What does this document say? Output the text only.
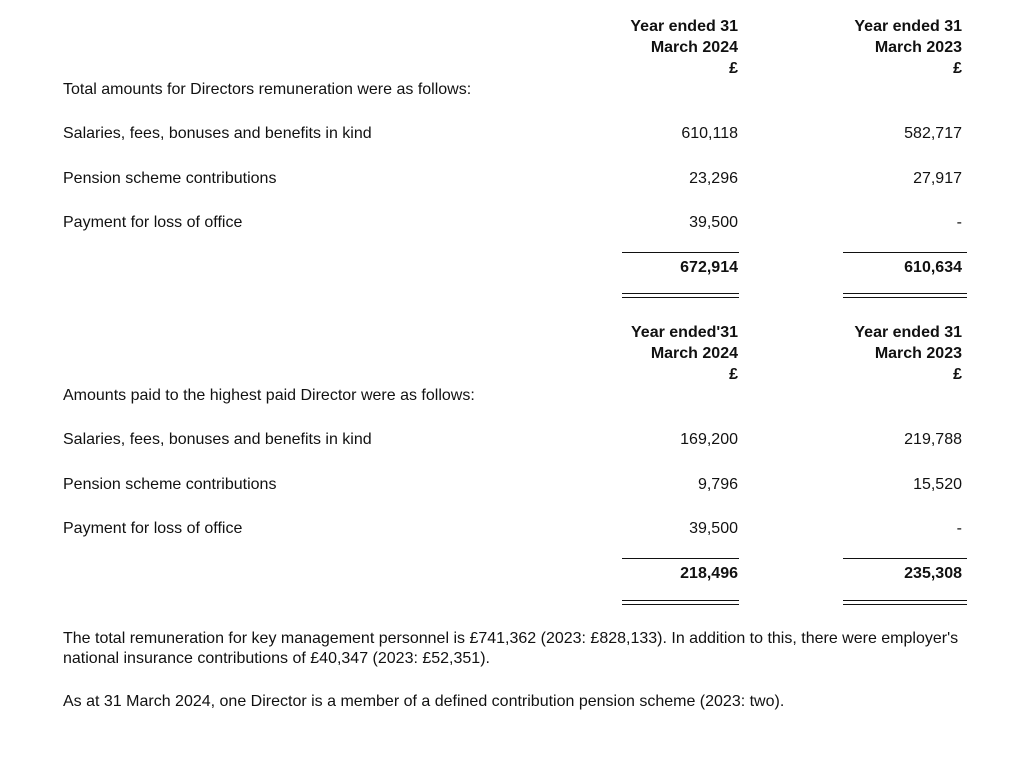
Year ended 31
March 2024
£
Year ended 31
March 2023
£
Total amounts for Directors remuneration were as follows:
Salaries, fees, bonuses and benefits in kind	610,118	582,717
Pension scheme contributions	23,296	27,917
Payment for loss of office	39,500	-
672,914	610,634
Year ended'31
March 2024
£
Year ended 31
March 2023
£
Amounts paid to the highest paid Director were as follows:
Salaries, fees, bonuses and benefits in kind	169,200	219,788
Pension scheme contributions	9,796	15,520
Payment for loss of office	39,500	-
218,496	235,308
The total remuneration for key management personnel is £741,362 (2023: £828,133). In addition to this, there were employer's national insurance contributions of £40,347 (2023: £52,351).
As at 31 March 2024, one Director is a member of a defined contribution pension scheme (2023: two).
